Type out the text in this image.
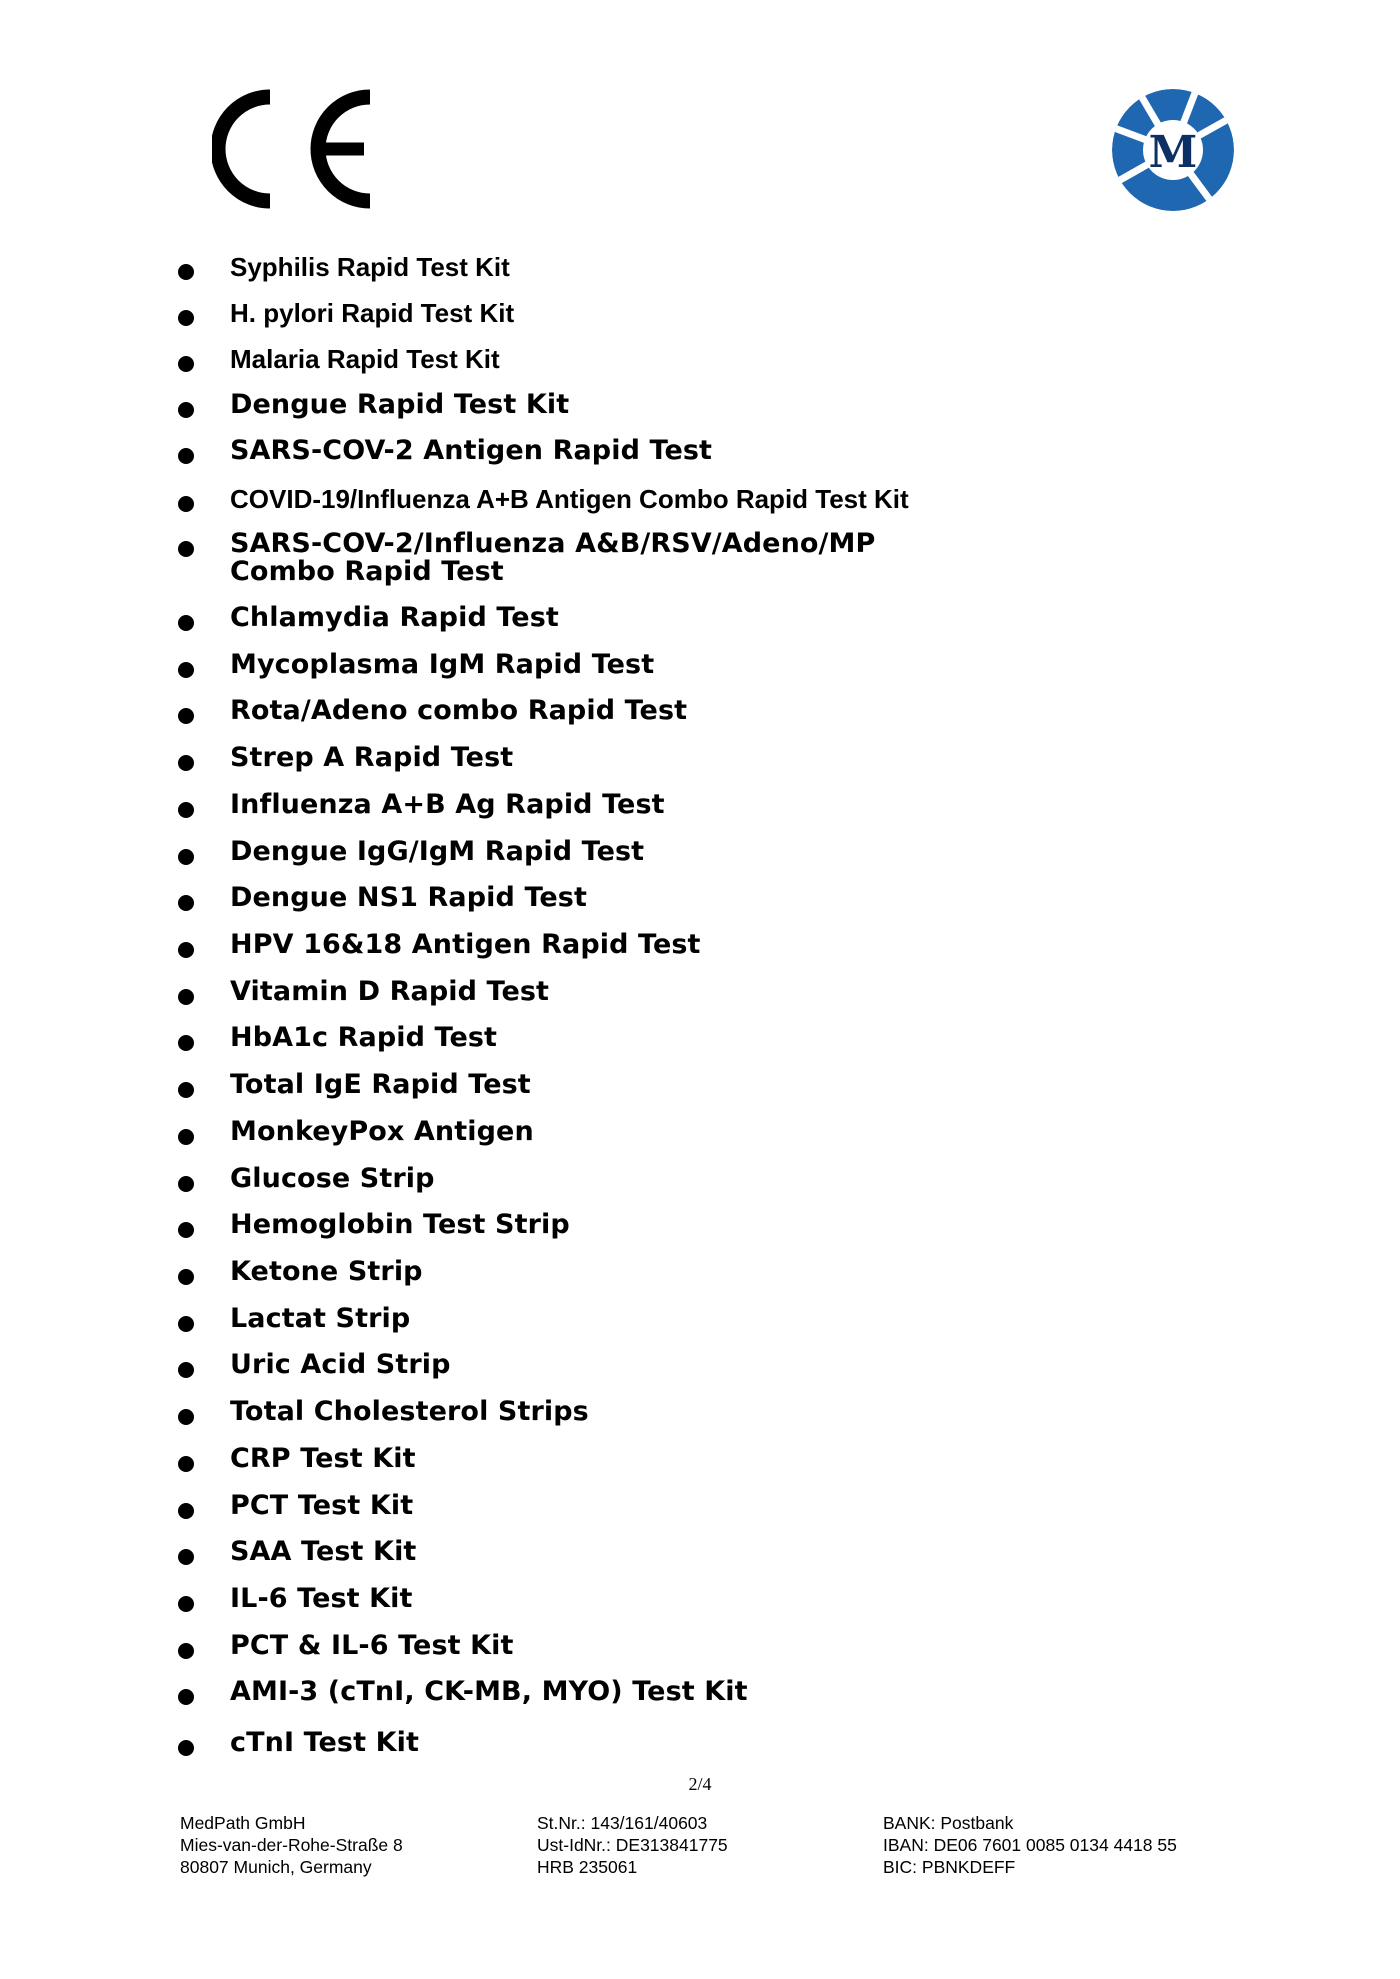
M
Syphilis Rapid Test Kit
H. pylori Rapid Test Kit
Malaria Rapid Test Kit
Dengue Rapid Test Kit
SARS-COV-2 Antigen Rapid Test
COVID-19/Influenza A+B Antigen Combo Rapid Test Kit
SARS-COV-2/Influenza A&B/RSV/Adeno/MP Combo Rapid Test
Chlamydia Rapid Test
Mycoplasma IgM Rapid Test
Rota/Adeno combo Rapid Test
Strep A Rapid Test
Influenza A+B Ag Rapid Test
Dengue IgG/IgM Rapid Test
Dengue NS1 Rapid Test
HPV 16&18 Antigen Rapid Test
Vitamin D Rapid Test
HbA1c Rapid Test
Total IgE Rapid Test
MonkeyPox Antigen
Glucose Strip
Hemoglobin Test Strip
Ketone Strip
Lactat Strip
Uric Acid Strip
Total Cholesterol Strips
CRP Test Kit
PCT Test Kit
SAA Test Kit
IL-6 Test Kit
PCT & IL-6 Test Kit
AMI-3 (cTnI, CK-MB, MYO) Test Kit
cTnI Test Kit
2/4
MedPath GmbH
Mies-van-der-Rohe-Straße 8
80807 Munich, Germany
St.Nr.: 143/161/40603
Ust-IdNr.: DE313841775
HRB 235061
BANK: Postbank
IBAN: DE06 7601 0085 0134 4418 55
BIC: PBNKDEFF
